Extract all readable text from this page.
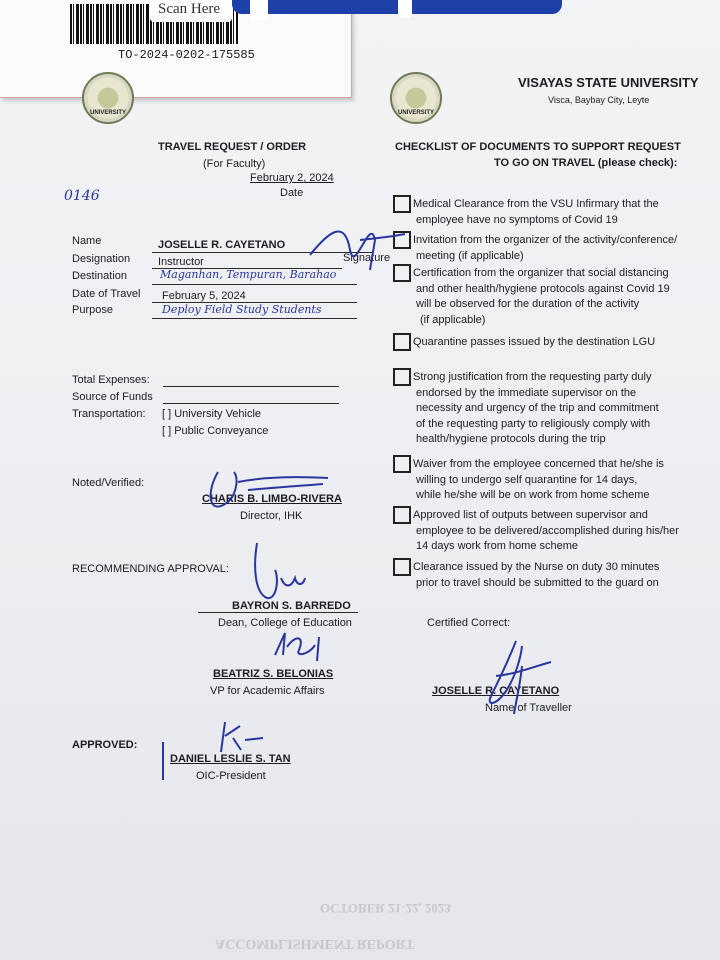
TO-2024-0202-175585
Scan Here
UNIVERSITY	UNIVERSITY
VISAYAS STATE UNIVERSITY
Visca, Baybay City, Leyte
TRAVEL REQUEST / ORDER
(For Faculty)
February 2, 2024
Date
0146
Name	JOSELLE R. CAYETANO
Signature
Designation	Instructor
Destination	Maganhan, Tempuran, Barahao
Date of Travel February 5, 2024
Purpose	Deploy Field Study Students
Total Expenses:
Source of Funds
Transportation: [ ] University Vehicle
[ ] Public Conveyance
Noted/Verified:
CHARIS B. LIMBO-RIVERA
Director, IHK
RECOMMENDING APPROVAL:
BAYRON S. BARREDO
Dean, College of Education
BEATRIZ S. BELONIAS
VP for Academic Affairs
APPROVED:
DANIEL LESLIE S. TAN
OIC-President
CHECKLIST OF DOCUMENTS TO SUPPORT REQUEST
TO GO ON TRAVEL (please check):
Medical Clearance from the VSU Infirmary that the
employee have no symptoms of Covid 19
Invitation from the organizer of the activity/conference/
meeting (if applicable)
Certification from the organizer that social distancing
and other health/hygiene protocols against Covid 19
will be observed for the duration of the activity
(if applicable)
Quarantine passes issued by the destination LGU
Strong justification from the requesting party duly
endorsed by the immediate supervisor on the
necessity and urgency of the trip and commitment
of the requesting party to religiously comply with
health/hygiene protocols during the trip
Waiver from the employee concerned that he/she is
willing to undergo self quarantine for 14 days,
while he/she will be on work from home scheme
Approved list of outputs between supervisor and
employee to be delivered/accomplished during his/her
14 days work from home scheme
Clearance issued by the Nurse on duty 30 minutes
prior to travel should be submitted to the guard on
Certified Correct:
JOSELLE R. CAYETANO
Name of Traveller
ACCOMPLISHMENT REPORT
OCTOBER 21-22, 2023
